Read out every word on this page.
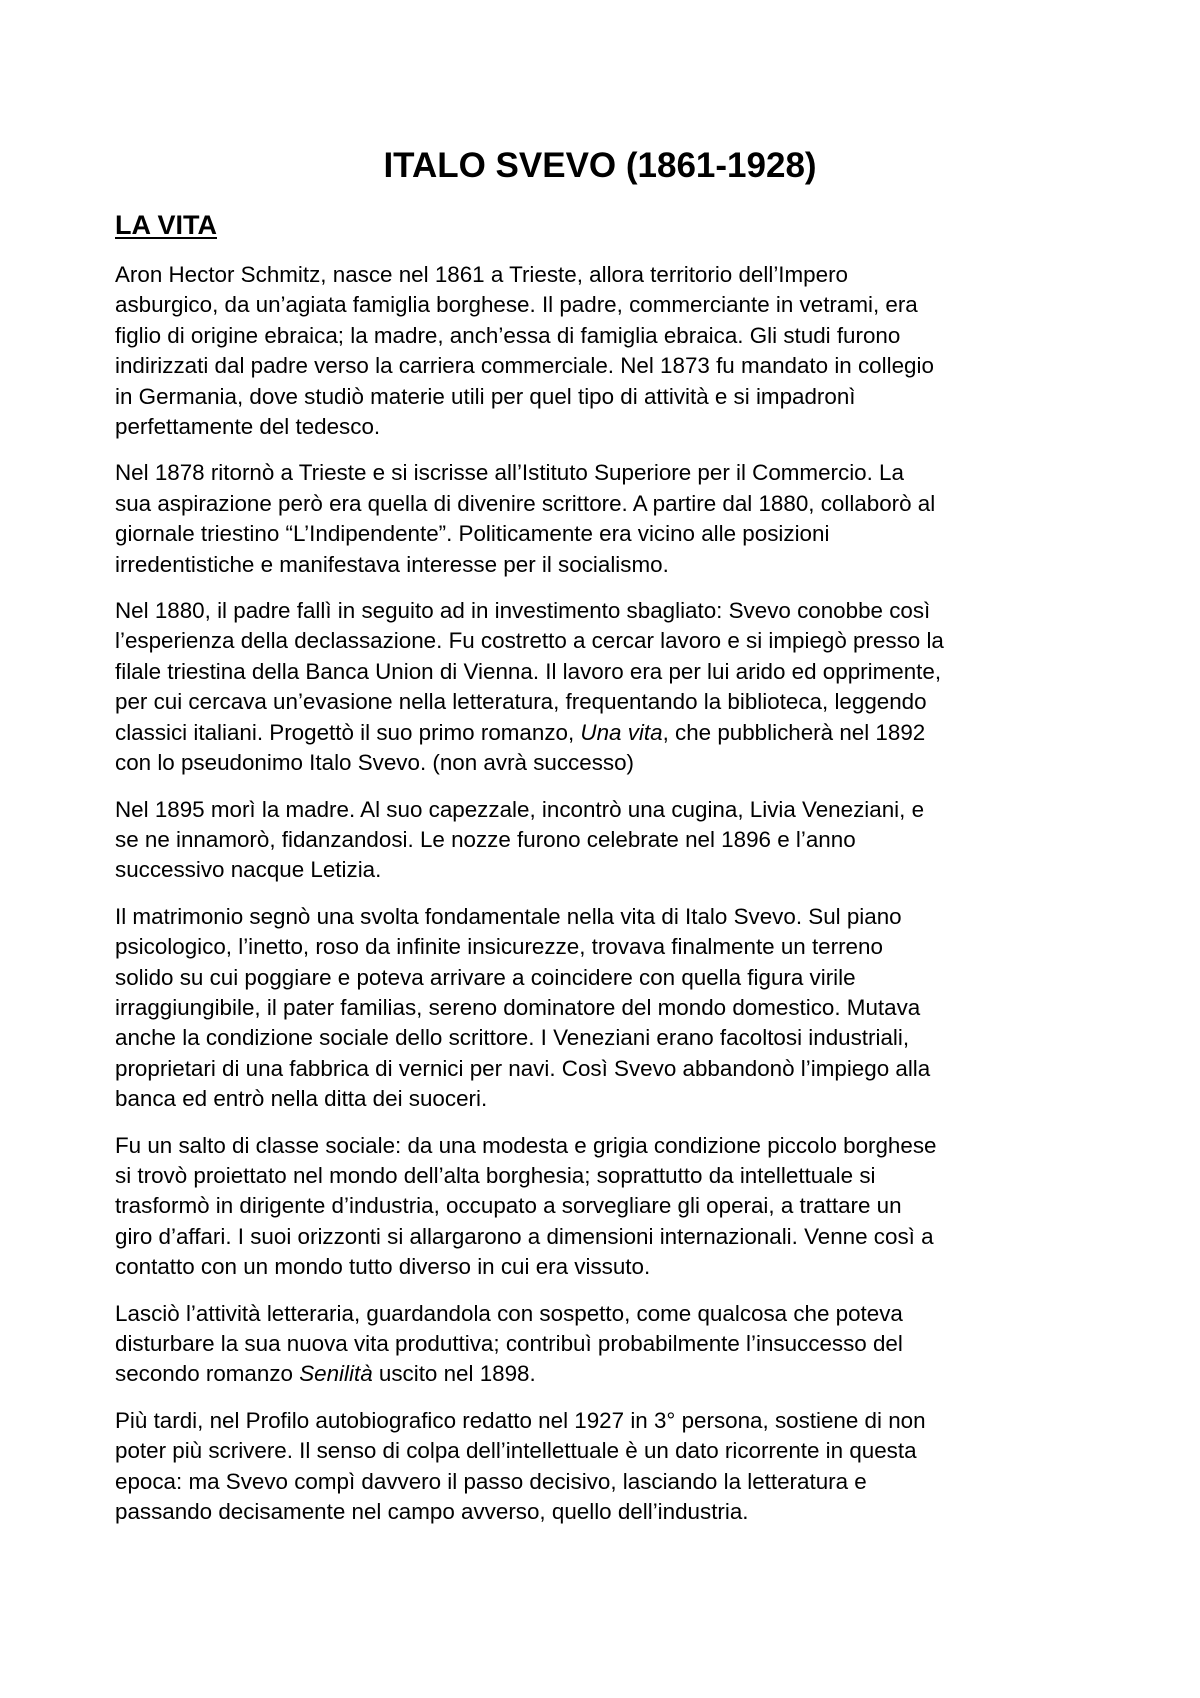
ITALO SVEVO (1861-1928)
LA VITA

Aron Hector Schmitz, nasce nel 1861 a Trieste, allora territorio dell’Impero
asburgico, da un’agiata famiglia borghese. Il padre, commerciante in vetrami, era
figlio di origine ebraica; la madre, anch’essa di famiglia ebraica. Gli studi furono
indirizzati dal padre verso la carriera commerciale. Nel 1873 fu mandato in collegio
in Germania, dove studiò materie utili per quel tipo di attività e si impadronì
perfettamente del tedesco.

Nel 1878 ritornò a Trieste e si iscrisse all’Istituto Superiore per il Commercio. La
sua aspirazione però era quella di divenire scrittore. A partire dal 1880, collaborò al
giornale triestino “L’Indipendente”. Politicamente era vicino alle posizioni
irredentistiche e manifestava interesse per il socialismo.

Nel 1880, il padre fallì in seguito ad in investimento sbagliato: Svevo conobbe così
l’esperienza della declassazione. Fu costretto a cercar lavoro e si impiegò presso la
filale triestina della Banca Union di Vienna. Il lavoro era per lui arido ed opprimente,
per cui cercava un’evasione nella letteratura, frequentando la biblioteca, leggendo
classici italiani. Progettò il suo primo romanzo, Una vita, che pubblicherà nel 1892
con lo pseudonimo Italo Svevo. (non avrà successo)

Nel 1895 morì la madre. Al suo capezzale, incontrò una cugina, Livia Veneziani, e
se ne innamorò, fidanzandosi. Le nozze furono celebrate nel 1896 e l’anno
successivo nacque Letizia.

Il matrimonio segnò una svolta fondamentale nella vita di Italo Svevo. Sul piano
psicologico, l’inetto, roso da infinite insicurezze, trovava finalmente un terreno
solido su cui poggiare e poteva arrivare a coincidere con quella figura virile
irraggiungibile, il pater familias, sereno dominatore del mondo domestico. Mutava
anche la condizione sociale dello scrittore. I Veneziani erano facoltosi industriali,
proprietari di una fabbrica di vernici per navi. Così Svevo abbandonò l’impiego alla
banca ed entrò nella ditta dei suoceri.

Fu un salto di classe sociale: da una modesta e grigia condizione piccolo borghese
si trovò proiettato nel mondo dell’alta borghesia; soprattutto da intellettuale si
trasformò in dirigente d’industria, occupato a sorvegliare gli operai, a trattare un
giro d’affari. I suoi orizzonti si allargarono a dimensioni internazionali. Venne così a
contatto con un mondo tutto diverso in cui era vissuto.

Lasciò l’attività letteraria, guardandola con sospetto, come qualcosa che poteva
disturbare la sua nuova vita produttiva; contribuì probabilmente l’insuccesso del
secondo romanzo Senilità uscito nel 1898.

Più tardi, nel Profilo autobiografico redatto nel 1927 in 3° persona, sostiene di non
poter più scrivere. Il senso di colpa dell’intellettuale è un dato ricorrente in questa
epoca: ma Svevo compì davvero il passo decisivo, lasciando la letteratura e
passando decisamente nel campo avverso, quello dell’industria.
